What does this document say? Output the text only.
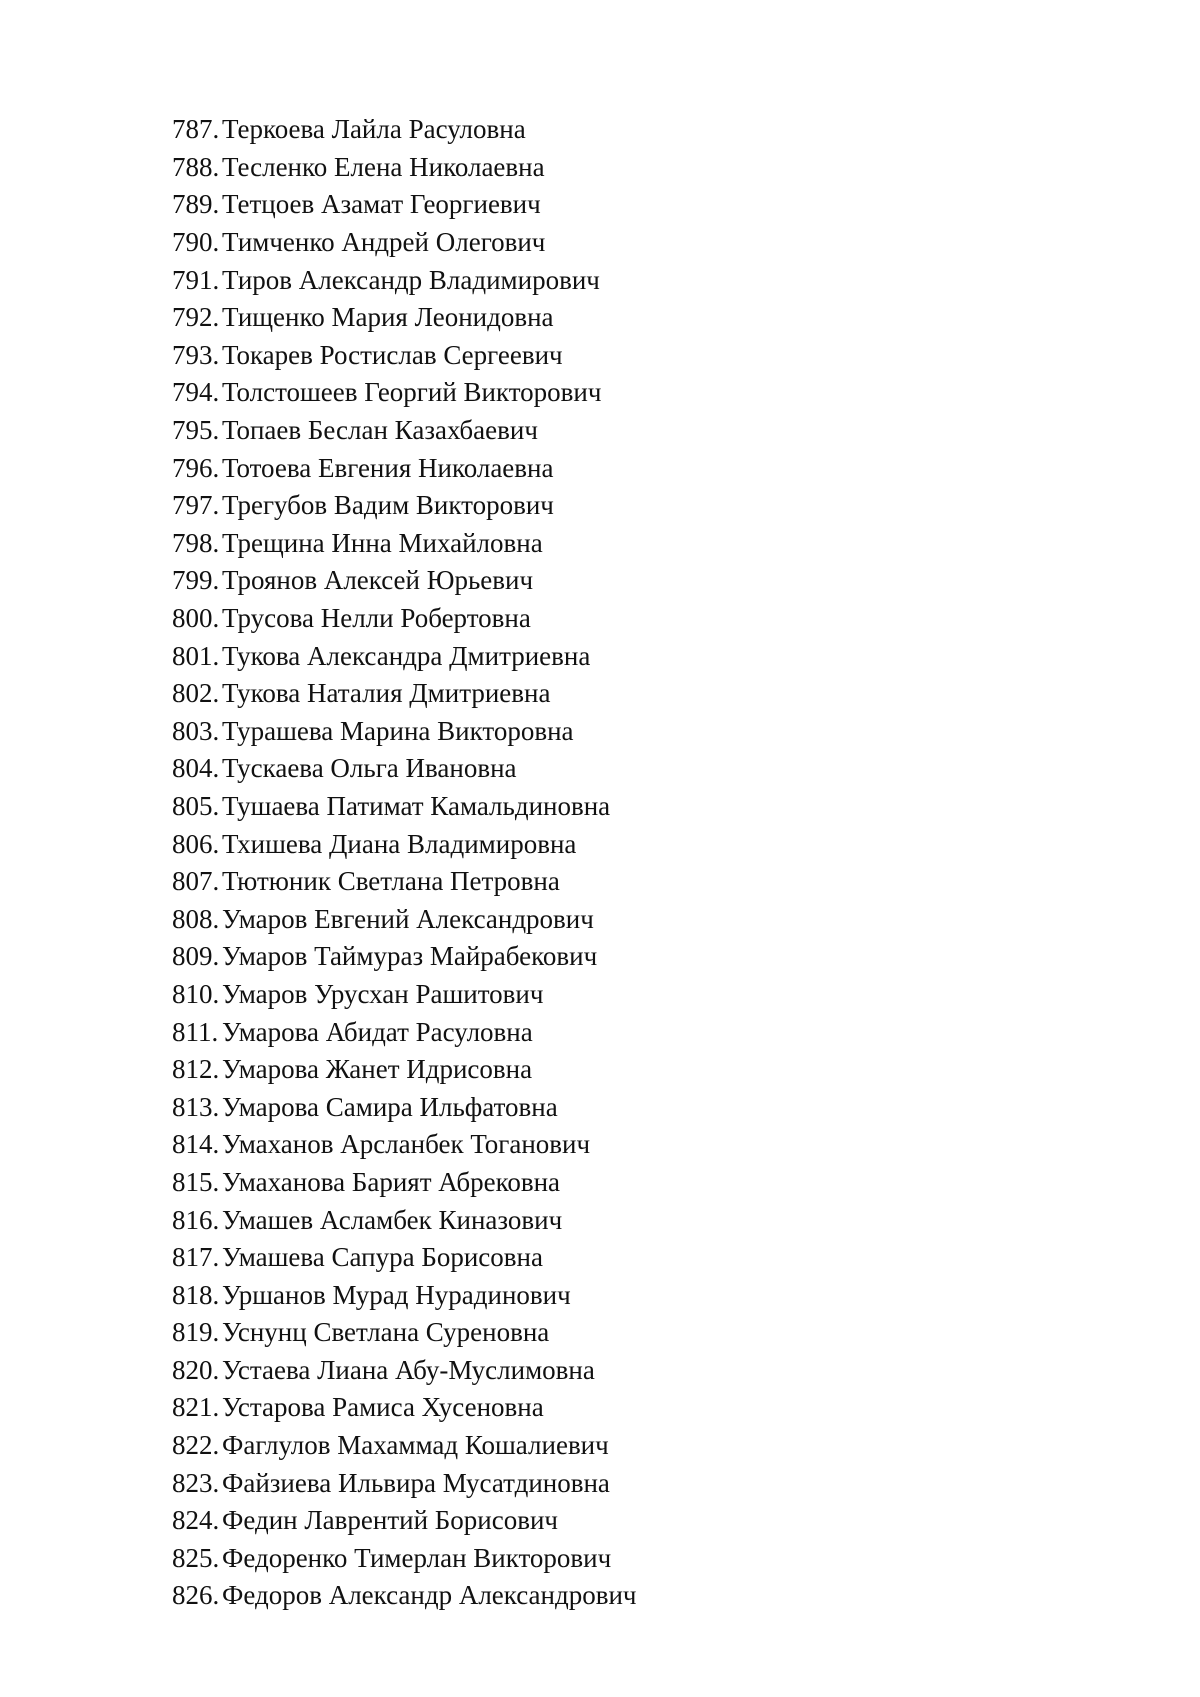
787. Теркоева Лайла Расуловна
788. Тесленко Елена Николаевна
789. Тетцоев Азамат Георгиевич
790. Тимченко Андрей Олегович
791. Тиров Александр Владимирович
792. Тищенко Мария Леонидовна
793. Токарев Ростислав Сергеевич
794. Толстошеев Георгий Викторович
795. Топаев Беслан Казахбаевич
796. Тотоева Евгения Николаевна
797. Трегубов Вадим Викторович
798. Трещина Инна Михайловна
799. Троянов Алексей Юрьевич
800. Трусова Нелли Робертовна
801. Тукова Александра Дмитриевна
802. Тукова Наталия Дмитриевна
803. Турашева Марина Викторовна
804. Тускаева Ольга Ивановна
805. Тушаева Патимат Камальдиновна
806. Тхишева Диана Владимировна
807. Тютюник Светлана Петровна
808. Умаров Евгений Александрович
809. Умаров Таймураз Майрабекович
810. Умаров Урусхан Рашитович
811. Умарова Абидат Расуловна
812. Умарова Жанет Идрисовна
813. Умарова Самира Ильфатовна
814. Умаханов Арсланбек Тоганович
815. Умаханова Барият Абрековна
816. Умашев Асламбек Киназович
817. Умашева Сапура Борисовна
818. Уршанов Мурад Нурадинович
819. Уснунц Светлана Суреновна
820. Устаева Лиана Абу-Муслимовна
821. Устарова Рамиса Хусеновна
822. Фаглулов Махаммад Кошалиевич
823. Файзиева Ильвира Мусатдиновна
824. Федин Лаврентий Борисович
825. Федоренко Тимерлан Викторович
826. Федоров Александр Александрович
